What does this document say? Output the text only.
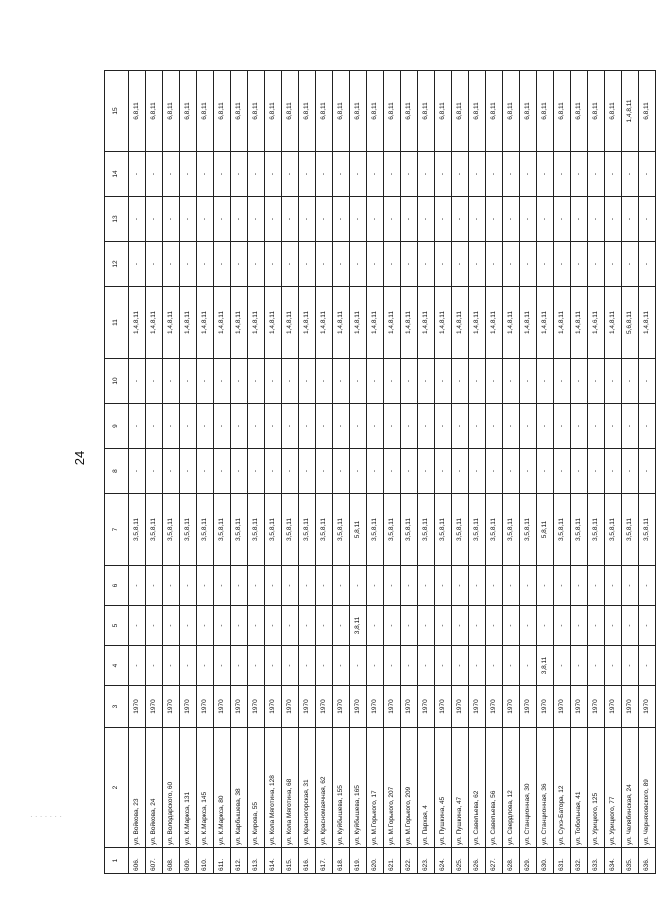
24
· · · · · · ·
1	2	3	4	5	6	7	8	9	10	11	12	13	14	15
606.	ул. Войкова, 23	1970	-	-	-	3,5,8,11	-	-	-	1,4,8,11	-	-	-	6,8,11
607.	ул. Войкова, 24	1970	-	-	-	3,5,8,11	-	-	-	1,4,8,11	-	-	-	6,8,11
608.	ул. Володарского, 60	1970	-	-	-	3,5,8,11	-	-	-	1,4,8,11	-	-	-	6,8,11
609.	ул. К.Маркса, 131	1970	-	-	-	3,5,8,11	-	-	-	1,4,8,11	-	-	-	6,8,11
610.	ул. К.Маркса, 145	1970	-	-	-	3,5,8,11	-	-	-	1,4,8,11	-	-	-	6,8,11
611.	ул. К.Маркса, 80	1970	-	-	-	3,5,8,11	-	-	-	1,4,8,11	-	-	-	6,8,11
612.	ул. Карбышева, 38	1970	-	-	-	3,5,8,11	-	-	-	1,4,8,11	-	-	-	6,8,11
613.	ул. Кирова, 55	1970	-	-	-	3,5,8,11	-	-	-	1,4,8,11	-	-	-	6,8,11
614.	ул. Кола Мяготина, 128	1970	-	-	-	3,5,8,11	-	-	-	1,4,8,11	-	-	-	6,8,11
615.	ул. Кола Мяготина, 68	1970	-	-	-	3,5,8,11	-	-	-	1,4,8,11	-	-	-	6,8,11
616.	ул. Красногорская, 31	1970	-	-	-	3,5,8,11	-	-	-	1,4,8,11	-	-	-	6,8,11
617.	ул. Красномаячная, 62	1970	-	-	-	3,5,8,11	-	-	-	1,4,8,11	-	-	-	6,8,11
618.	ул. Куйбышева, 155	1970	-	-	-	3,5,8,11	-	-	-	1,4,8,11	-	-	-	6,8,11
619.	ул. Куйбышева, 165	1970	-	3,8,11	-	5,8,11	-	-	-	1,4,8,11	-	-	-	6,8,11
620.	ул. М.Горького, 17	1970	-	-	-	3,5,8,11	-	-	-	1,4,8,11	-	-	-	6,8,11
621.	ул. М.Горького, 207	1970	-	-	-	3,5,8,11	-	-	-	1,4,8,11	-	-	-	6,8,11
622.	ул. М.Горького, 209	1970	-	-	-	3,5,8,11	-	-	-	1,4,8,11	-	-	-	6,8,11
623.	ул. Пархая, 4	1970	-	-	-	3,5,8,11	-	-	-	1,4,8,11	-	-	-	6,8,11
624.	ул. Пушкина, 45	1970	-	-	-	3,5,8,11	-	-	-	1,4,8,11	-	-	-	6,8,11
625.	ул. Пушкина, 47	1970	-	-	-	3,5,8,11	-	-	-	1,4,8,11	-	-	-	6,8,11
626.	ул. Савельева, 62	1970	-	-	-	3,5,8,11	-	-	-	1,4,8,11	-	-	-	6,8,11
627.	ул. Савельева, 56	1970	-	-	-	3,5,8,11	-	-	-	1,4,8,11	-	-	-	6,8,11
628.	ул. Свердлова, 12	1970	-	-	-	3,5,8,11	-	-	-	1,4,8,11	-	-	-	6,8,11
629.	ул. Станционная, 30	1970	-	-	-	3,5,8,11	-	-	-	1,4,8,11	-	-	-	6,8,11
630.	ул. Станционная, 36	1970	3,8,11	-	-	5,8,11	-	-	-	1,4,8,11	-	-	-	6,8,11
631.	ул. Сухэ-Батора, 12	1970	-	-	-	3,5,8,11	-	-	-	1,4,8,11	-	-	-	6,8,11
632.	ул. Тобольная, 41	1970	-	-	-	3,5,8,11	-	-	-	1,4,8,11	-	-	-	6,8,11
633.	ул. Урицкого, 125	1970	-	-	-	3,5,8,11	-	-	-	1,4,6,11	-	-	-	6,8,11
634.	ул. Урицкого, 77	1970	-	-	-	3,5,8,11	-	-	-	1,4,8,11	-	-	-	6,8,11
635.	ул. Челябинская, 24	1970	-	-	-	3,5,8,11	-	-	-	5,6,8,11	-	-	-	1,4,8,11
636.	ул. Черняховского, 89	1970	-	-	-	3,5,8,11	-	-	-	1,4,8,11	-	-	-	6,8,11
